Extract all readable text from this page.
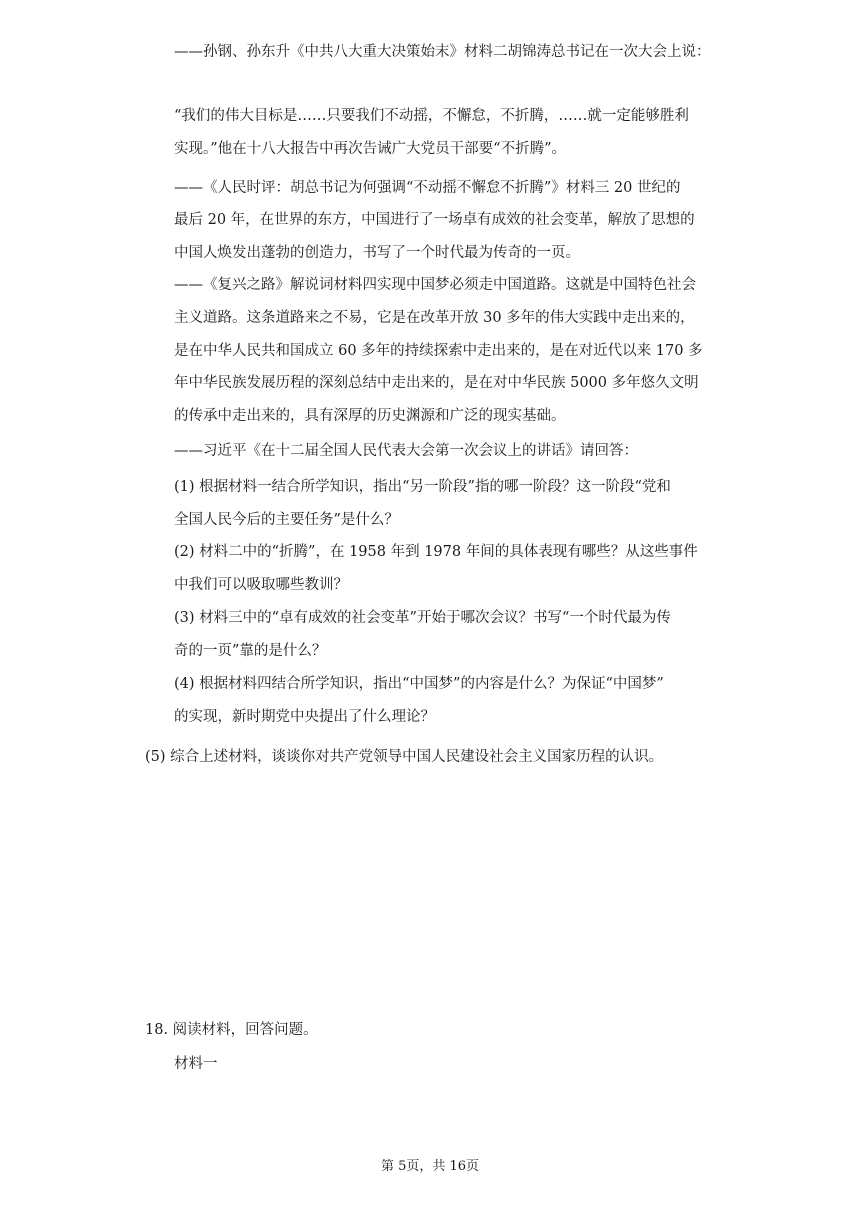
——孙钢、孙东升《中共八大重大决策始末》材料二胡锦涛总书记在一次大会上说：
“我们的伟大目标是……只要我们不动摇，不懈怠，不折腾，……就一定能够胜利
实现。”他在十八大报告中再次告诫广大党员干部要“不折腾”。
——《人民时评：胡总书记为何强调“不动摇不懈怠不折腾”》材料三 20 世纪的
最后 20 年，在世界的东方，中国进行了一场卓有成效的社会变革，解放了思想的
中国人焕发出蓬勃的创造力，书写了一个时代最为传奇的一页。
——《复兴之路》解说词材料四实现中国梦必须走中国道路。这就是中国特色社会
主义道路。这条道路来之不易，它是在改革开放 30 多年的伟大实践中走出来的，
是在中华人民共和国成立 60 多年的持续探索中走出来的，是在对近代以来 170 多
年中华民族发展历程的深刻总结中走出来的，是在对中华民族 5000 多年悠久文明
的传承中走出来的，具有深厚的历史渊源和广泛的现实基础。
——习近平《在十二届全国人民代表大会第一次会议上的讲话》请回答：
(1) 根据材料一结合所学知识，指出“另一阶段”指的哪一阶段？这一阶段“党和
全国人民今后的主要任务”是什么？
(2) 材料二中的“折腾”，在 1958 年到 1978 年间的具体表现有哪些？从这些事件
中我们可以吸取哪些教训？
(3) 材料三中的“卓有成效的社会变革”开始于哪次会议？书写“一个时代最为传
奇的一页”靠的是什么？
(4) 根据材料四结合所学知识，指出“中国梦”的内容是什么？为保证“中国梦”
的实现，新时期党中央提出了什么理论？
(5) 综合上述材料，谈谈你对共产党领导中国人民建设社会主义国家历程的认识。
18. 阅读材料，回答问题。
材料一
第 5页，共 16页
